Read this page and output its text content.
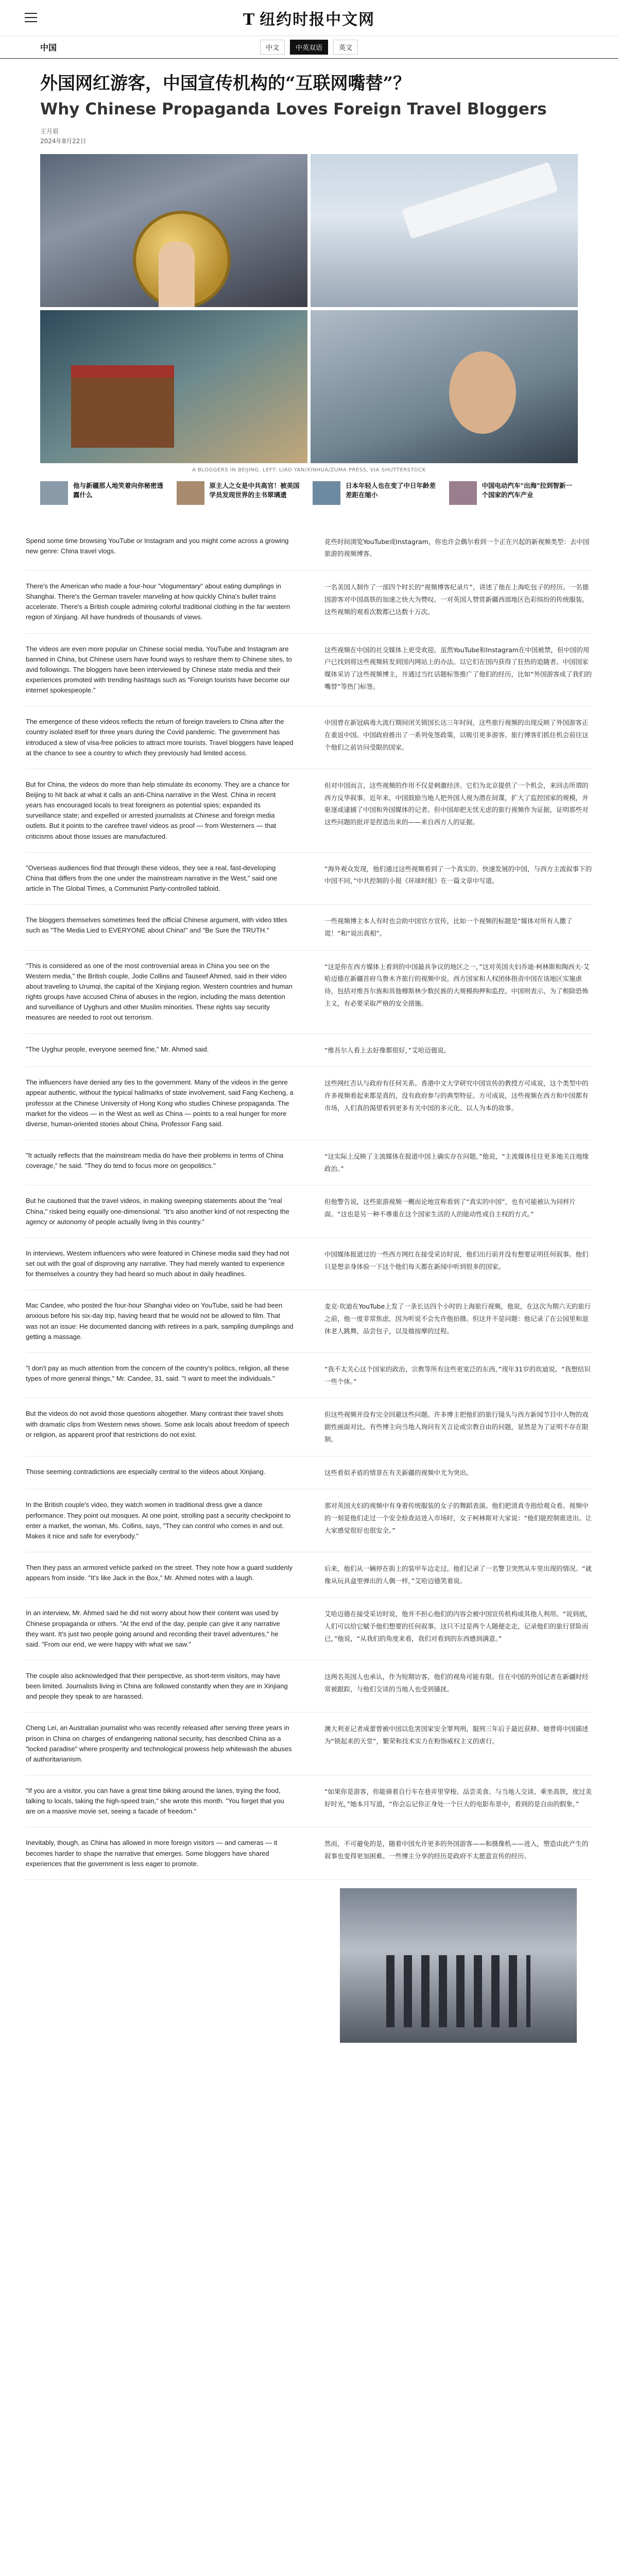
T 纽约时报中文网
中国	中文	中英双语	英文
外国网红游客，中国宣传机构的“互联网嘴替”？
Why Chinese Propaganda Loves Foreign Travel Bloggers
王月眉
2024年8月22日
A BLOGGERS IN BEIJING. LEFT: LIAO YAN/XINHUA/ZUMA PRESS, VIA SHUTTERSTOCK
他与新疆那人地笑着向你秘密透露什么
原主人之女是中共高官！被美国学员发现世界的主书翠璃遗
日本年轻人也在变了中日年龄差差距在缩小
中国电动汽车"出海"拉到智新一个国家的汽车产业

Spend some time browsing YouTube or Instagram and you might come across a growing new genre: China travel vlogs.

花些时间浏览YouTube或Instagram，你也许会偶尔看到一个正在兴起的新视频类型：去中国旅游的视频博客。

There's the American who made a four-hour "vlogumentary" about eating dumplings in Shanghai. There's the German traveler marveling at how quickly China's bullet trains accelerate. There's a British couple admiring colorful traditional clothing in the far western region of Xinjiang. All have hundreds of thousands of views.

一名美国人制作了一部四个时长的“视频博客纪录片”，讲述了他在上海吃包子的经历。一名德国游客对中国高铁的加速之快大为赞叹。一对英国人赞赏新疆西部地区色彩缤纷的传统服装。这些视频的观看次数都已达数十万次。

The videos are even more popular on Chinese social media. YouTube and Instagram are banned in China, but Chinese users have found ways to reshare them to Chinese sites, to avid followings. The bloggers have been interviewed by Chinese state media and their experiences promoted with trending hashtags such as "Foreign tourists have become our internet spokespeople."

这些视频在中国的社交媒体上更受欢迎。虽然YouTube和Instagram在中国被禁，但中国的用户已找到将这些视频转发到国内网站上的办法。以它们在国内获得了狂热的追随者。中国国家媒体采访了这些视频博主，并通过当红话题标签推广了他们的经历，比如“外国游客成了我们的嘴替”等热门标签。

The emergence of these videos reflects the return of foreign travelers to China after the country isolated itself for three years during the Covid pandemic. The government has introduced a slew of visa-free policies to attract more tourists. Travel bloggers have leaped at the chance to see a country to which they previously had limited access.

中国曾在新冠病毒大流行期间闭关锁国长达三年时间，这些旅行视频的出现反映了外国游客正在重返中国。中国政府推出了一系列免签政策，以吸引更多游客。旅行博客们抓住机会前往这个他们之前访问受限的国家。

But for China, the videos do more than help stimulate its economy. They are a chance for Beijing to hit back at what it calls an anti-China narrative in the West. China in recent years has encouraged locals to treat foreigners as potential spies; expanded its surveillance state; and expelled or arrested journalists at Chinese and foreign media outlets. But it points to the carefree travel videos as proof — from Westerners — that criticisms about those issues are manufactured.

但对中国而言，这些视频的作用不仅是刺激经济。它们为北京提供了一个机会，来回击所谓的西方反华叙事。近年来，中国鼓励当地人把外国人视为潜在间谍，扩大了监控国家的规模，并驱逐或逮捕了中国和外国媒体的记者。但中国却把无忧无虑的旅行视频作为证据，证明那些对这些问题的批评是捏造出来的——来自西方人的证据。

"Overseas audiences find that through these videos, they see a real, fast-developing China that differs from the one under the mainstream narrative in the West," said one article in The Global Times, a Communist Party-controlled tabloid.

“海外观众发现，他们通过这些视频看到了一个真实的、快速发展的中国，与西方主流叙事下的中国不同，”中共控制的小报《环球时报》在一篇文章中写道。

The bloggers themselves sometimes feed the official Chinese argument, with video titles such as "The Media Lied to EVERYONE about China!" and "Be Sure the TRUTH."

一些视频博主本人有时也会助中国官方宣传，比如一个视频的标题是“媒体对所有人撒了谎！”和“说出真相”。

"This is considered as one of the most controversial areas in China you see on the Western media," the British couple, Jodie Collins and Tauseef Ahmed, said in their video about traveling to Urumqi, the capital of the Xinjiang region. Western countries and human rights groups have accused China of abuses in the region, including the mass detention and surveillance of Uyghurs and other Muslim minorities. These rights say security measures are needed to root out terrorism.

“这是你在西方媒体上看到的中国最具争议的地区之一，”这对英国夫妇乔迪·柯林斯和陶西夫·艾哈迈德在新疆首府乌鲁木齐旅行的视频中说。西方国家和人权团体指责中国在该地区实施虐待，包括对维吾尔族和其他穆斯林少数民族的大规模拘押和监控。中国则表示，为了根除恐怖主义，有必要采取严格的安全措施。

"The Uyghur people, everyone seemed fine," Mr. Ahmed said.	“维吾尔人看上去好像都很好，”艾哈迈德说。

The influencers have denied any ties to the government. Many of the videos in the genre appear authentic, without the typical hallmarks of state involvement, said Fang Kecheng, a professor at the Chinese University of Hong Kong who studies Chinese propaganda. The market for the videos — in the West as well as China — points to a real hunger for more diverse, human-oriented stories about China, Professor Fang said.

这些网红否认与政府有任何关系。香港中文大学研究中国宣传的教授方可成说，这个类型中的许多视频看起来都是真的，没有政府参与的典型特征。方可成说，这些视频在西方和中国都有市场，人们真的渴望看到更多有关中国的多元化、以人为本的故事。

"It actually reflects that the mainstream media do have their problems in terms of China coverage," he said. "They do tend to focus more on geopolitics."

“这实际上反映了主流媒体在报道中国上确实存在问题，”他说，“主流媒体往往更多地关注地缘政治。”

But he cautioned that the travel videos, in making sweeping statements about the "real China," risked being equally one-dimensional. "It's also another kind of not respecting the agency or autonomy of people actually living in this country."

但他警告说，这些旅游视频一概而论地宣称看到了“真实的中国”，也有可能被认为同样片面。“这也是另一种不尊重在这个国家生活的人的能动性或自主权的方式。”

In interviews, Western influencers who were featured in Chinese media said they had not set out with the goal of disproving any narrative. They had merely wanted to experience for themselves a country they had heard so much about in daily headlines.

中国媒体报道过的一些西方网红在接受采访时说，他们出行前并没有想要证明任何叙事。他们只是想亲身体验一下这个他们每天都在新闻中听到很多的国家。

Mac Candee, who posted the four-hour Shanghai video on YouTube, said he had been anxious before his six-day trip, having heard that he would not be allowed to film. That was not an issue: He documented dancing with retirees in a park, sampling dumplings and getting a massage.

麦克·坎迪在YouTube上发了一条长达四个小时的上海旅行视频，他说，在这次为期六天的旅行之前，他一度非常焦虑，因为听说不会允许他拍摄。但这并不是问题：他记录了在公园里和退休老人跳舞，品尝包子，以及做按摩的过程。

"I don't pay as much attention from the concern of the country's politics, religion, all these types of more general things," Mr. Candee, 31, said. "I want to meet the individuals."

“我不太关心这个国家的政治、宗教等所有这些更宽泛的东西，”现年31岁的坎迪说。“我想结识一些个体。”

But the videos do not avoid those questions altogether. Many contrast their travel shots with dramatic clips from Western news shows. Some ask locals about freedom of speech or religion, as apparent proof that restrictions do not exist.

但这些视频并没有完全回避这些问题。许多博主把他们的旅行镜头与西方新闻节目中人物的戏剧性画面对比。有些博主向当地人询问有关言论或宗教自由的问题，显然是为了证明不存在限制。

Those seeming contradictions are especially central to the videos about Xinjiang.	这些看似矛盾的情景在有关新疆的视频中尤为突出。

In the British couple's video, they watch women in traditional dress give a dance performance. They point out mosques. At one point, strolling past a security checkpoint to enter a market, the woman, Ms. Collins, says, "They can control who comes in and out. Makes it nice and safe for everybody."

那对英国夫妇的视频中有身着传统服装的女子的舞蹈表演。他们把清真寺指给观众看。视频中的一刻是他们走过一个安全检查站进入市场时，女子柯林斯对大家说：“他们能控制谁进出。让大家感觉很好也很安全。”

Then they pass an armored vehicle parked on the street. They note how a guard suddenly appears from inside. "It's like Jack in the Box," Mr. Ahmed notes with a laugh.

后来，他们从一辆停在街上的装甲车边走过。他们记录了一名警卫突然从车里出现的情况。“就像从玩具盒里弹出的人偶一样，”艾哈迈德笑着说。

In an interview, Mr. Ahmed said he did not worry about how their content was used by Chinese propaganda or others. "At the end of the day, people can give it any narrative they want. It's just two people going around and recording their travel adventures," he said. "From our end, we were happy with what we saw."

艾哈迈德在接受采访时说，他并不担心他们的内容会被中国宣传机构或其他人利用。“说到底，人们可以给它赋予他们想要的任何叙事。这只不过是两个人随便走走，记录他们的旅行冒险而已，”他说，“从我们的角度来看，我们对看到的东西感到满意。”

The couple also acknowledged that their perspective, as short-term visitors, may have been limited. Journalists living in China are followed constantly when they are in Xinjiang and people they speak to are harassed.

这两名英国人也承认，作为短期访客，他们的视角可能有限。住在中国的外国记者在新疆时经常被跟踪，与他们交谈的当地人也受到骚扰。

Cheng Lei, an Australian journalist who was recently released after serving three years in prison in China on charges of endangering national security, has described China as a "locked paradise" where prosperity and technological prowess help whitewash the abuses of authoritarianism.

澳大利亚记者成蕾曾被中国以危害国家安全罪判刑，服刑三年后于最近获释。她曾将中国描述为“锁起来的天堂”，繁荣和技术实力在粉饰威权主义的虐行。

"If you are a visitor, you can have a great time biking around the lanes, trying the food, talking to locals, taking the high-speed train," she wrote this month. "You forget that you are on a massive movie set, seeing a facade of freedom."

“如果你是游客，你能骑着自行车在巷弄里穿梭、品尝美食、与当地人交谈、乘坐高铁，度过美好时光，”她本月写道，“你会忘记你正身处一个巨大的电影布景中，看到的是自由的假象。”

Inevitably, though, as China has allowed in more foreign visitors — and cameras — it becomes harder to shape the narrative that emerges. Some bloggers have shared experiences that the government is less eager to promote.

然而，不可避免的是，随着中国允许更多的外国游客——和摄像机——进入，塑造由此产生的叙事也变得更加困难。一些博主分享的经历是政府不太愿意宣传的经历。
